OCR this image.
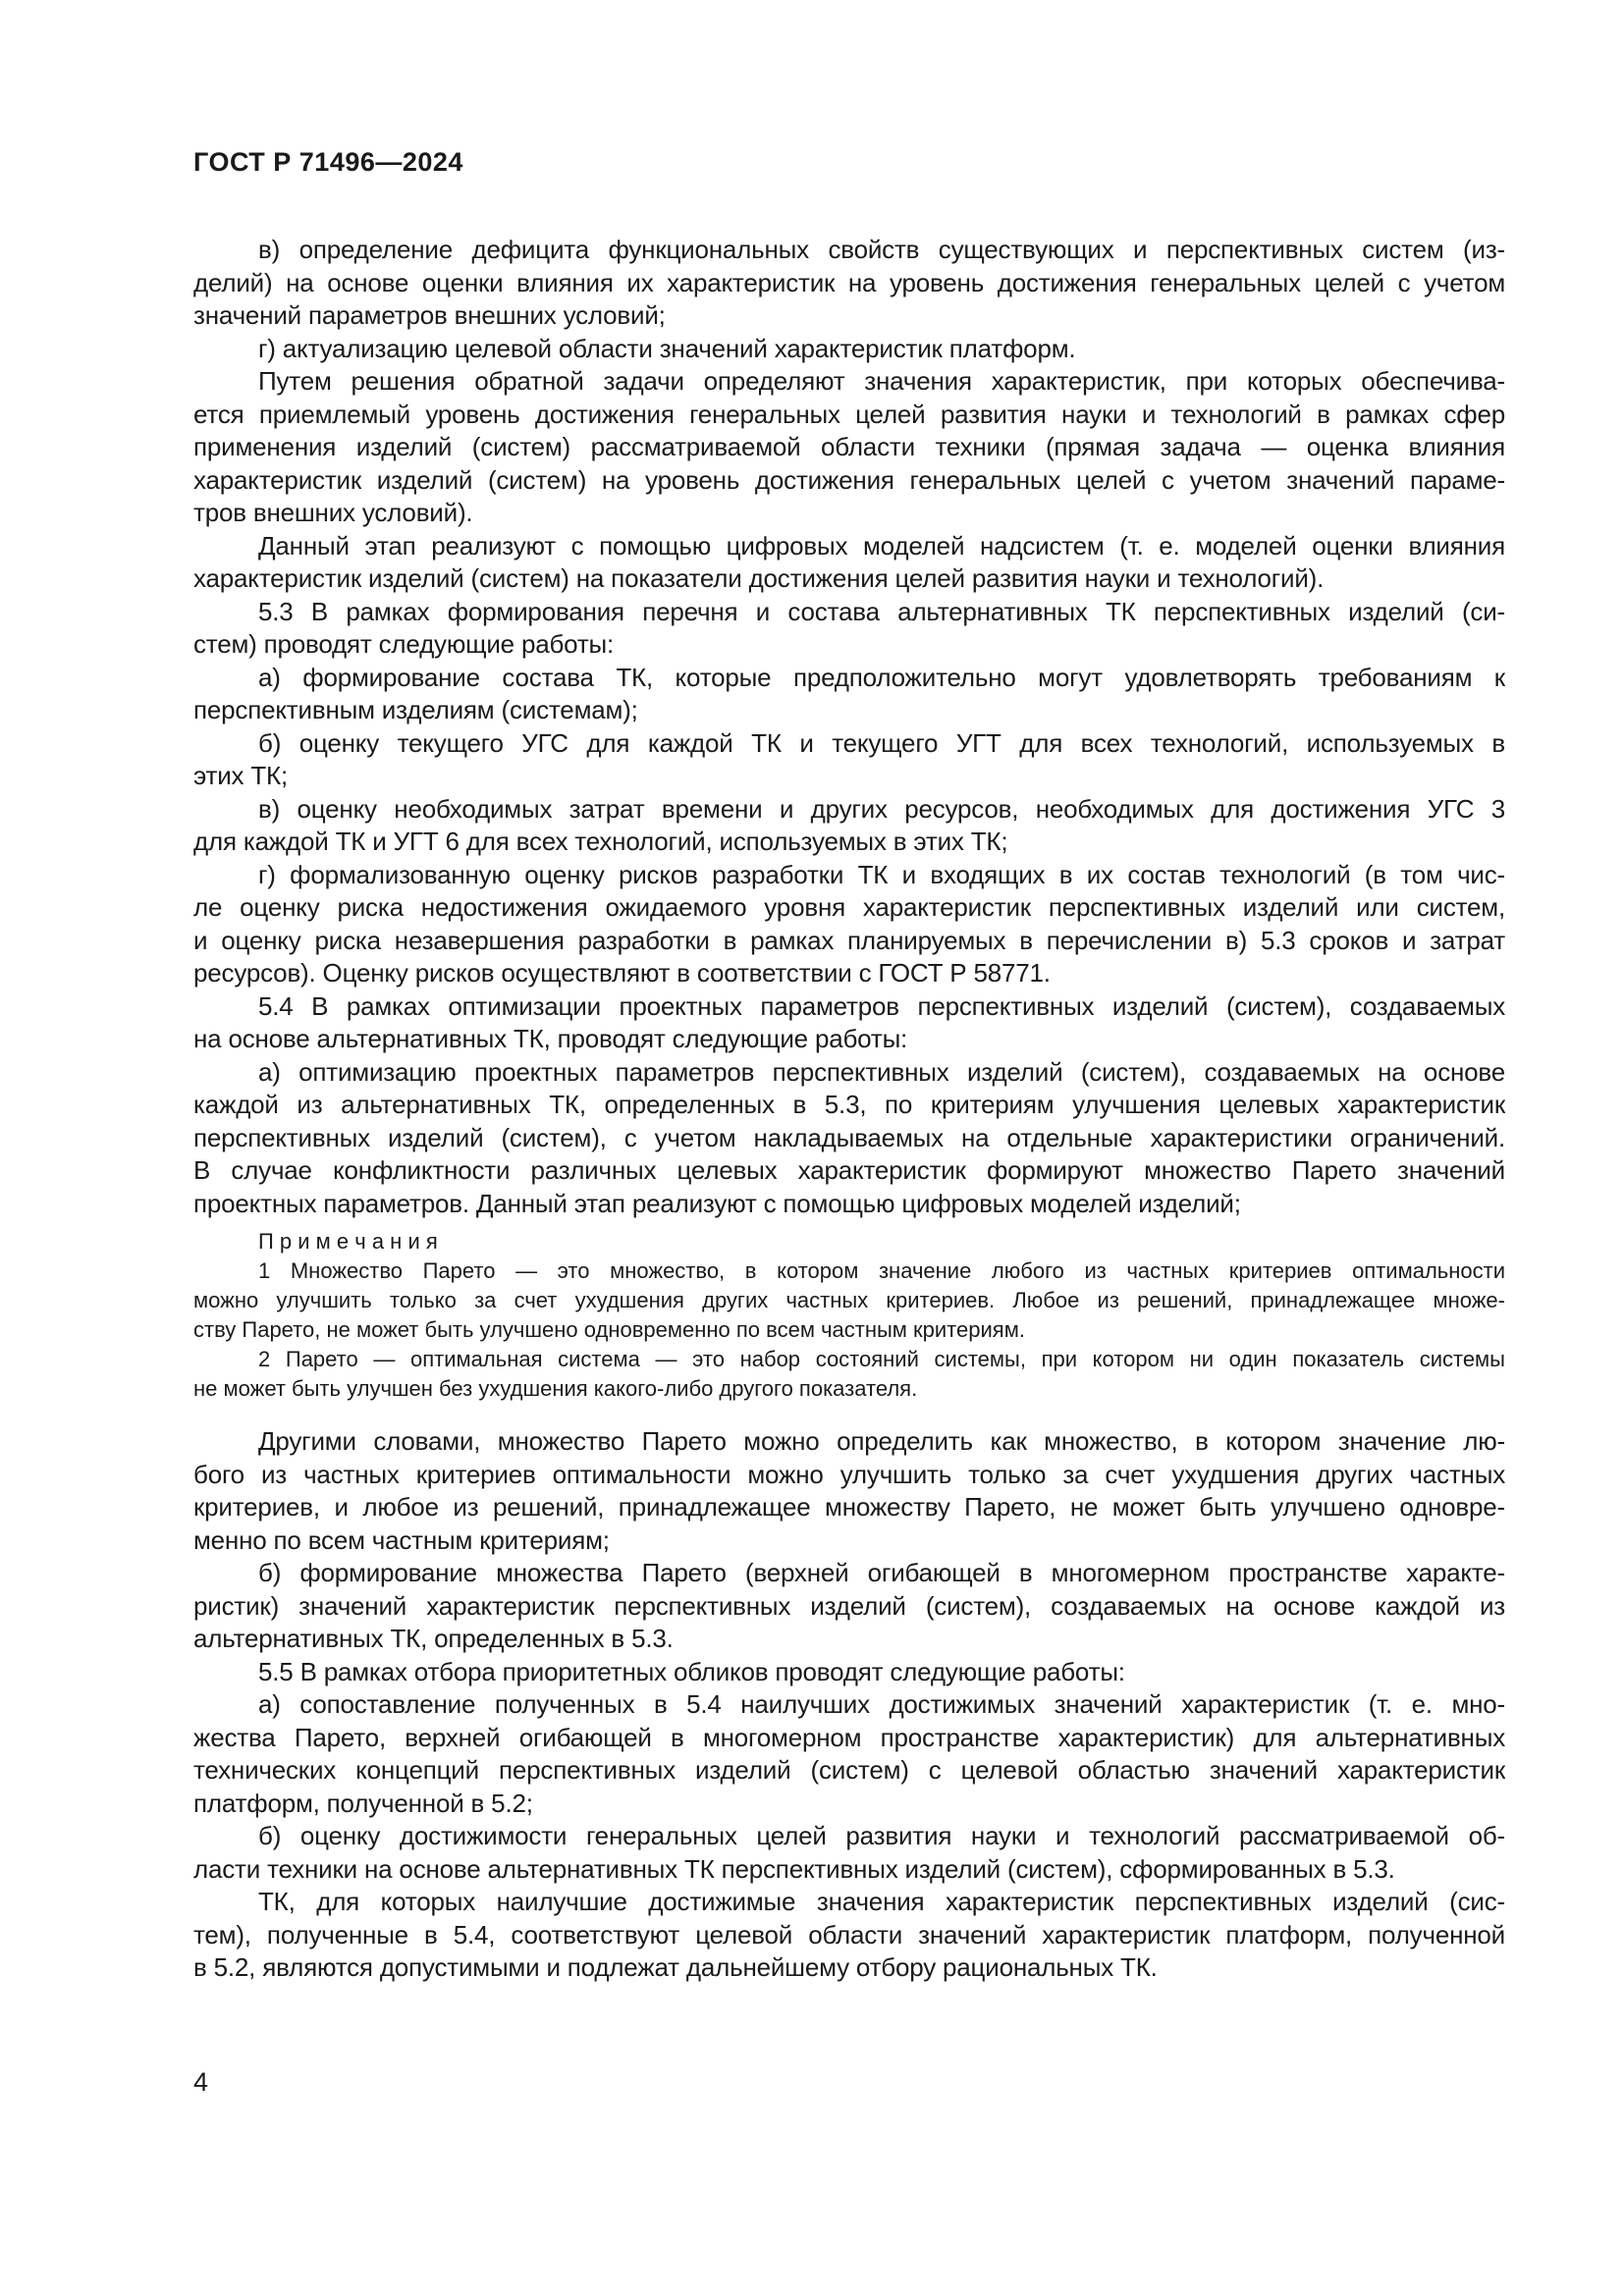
ГОСТ Р 71496—2024
в) определение дефицита функциональных свойств существующих и перспективных систем (из-
делий) на основе оценки влияния их характеристик на уровень достижения генеральных целей с учетом
значений параметров внешних условий;
г) актуализацию целевой области значений характеристик платформ.
Путем решения обратной задачи определяют значения характеристик, при которых обеспечива-
ется приемлемый уровень достижения генеральных целей развития науки и технологий в рамках сфер
применения изделий (систем) рассматриваемой области техники (прямая задача — оценка влияния
характеристик изделий (систем) на уровень достижения генеральных целей с учетом значений параме-
тров внешних условий).
Данный этап реализуют с помощью цифровых моделей надсистем (т. е. моделей оценки влияния
характеристик изделий (систем) на показатели достижения целей развития науки и технологий).
5.3 В рамках формирования перечня и состава альтернативных ТК перспективных изделий (си-
стем) проводят следующие работы:
а) формирование состава ТК, которые предположительно могут удовлетворять требованиям к
перспективным изделиям (системам);
б) оценку текущего УГС для каждой ТК и текущего УГТ для всех технологий, используемых в
этих ТК;
в) оценку необходимых затрат времени и других ресурсов, необходимых для достижения УГС 3
для каждой ТК и УГТ 6 для всех технологий, используемых в этих ТК;
г) формализованную оценку рисков разработки ТК и входящих в их состав технологий (в том чис-
ле оценку риска недостижения ожидаемого уровня характеристик перспективных изделий или систем,
и оценку риска незавершения разработки в рамках планируемых в перечислении в) 5.3 сроков и затрат
ресурсов). Оценку рисков осуществляют в соответствии с ГОСТ Р 58771.
5.4 В рамках оптимизации проектных параметров перспективных изделий (систем), создаваемых
на основе альтернативных ТК, проводят следующие работы:
а) оптимизацию проектных параметров перспективных изделий (систем), создаваемых на основе
каждой из альтернативных ТК, определенных в 5.3, по критериям улучшения целевых характеристик
перспективных изделий (систем), с учетом накладываемых на отдельные характеристики ограничений.
В случае конфликтности различных целевых характеристик формируют множество Парето значений
проектных параметров. Данный этап реализуют с помощью цифровых моделей изделий;
П р и м е ч а н и я
1 Множество Парето — это множество, в котором значение любого из частных критериев оптимальности
можно улучшить только за счет ухудшения других частных критериев. Любое из решений, принадлежащее множе-
ству Парето, не может быть улучшено одновременно по всем частным критериям.
2 Парето — оптимальная система — это набор состояний системы, при котором ни один показатель системы
не может быть улучшен без ухудшения какого-либо другого показателя.
Другими словами, множество Парето можно определить как множество, в котором значение лю-
бого из частных критериев оптимальности можно улучшить только за счет ухудшения других частных
критериев, и любое из решений, принадлежащее множеству Парето, не может быть улучшено одновре-
менно по всем частным критериям;
б) формирование множества Парето (верхней огибающей в многомерном пространстве характе-
ристик) значений характеристик перспективных изделий (систем), создаваемых на основе каждой из
альтернативных ТК, определенных в 5.3.
5.5 В рамках отбора приоритетных обликов проводят следующие работы:
а) сопоставление полученных в 5.4 наилучших достижимых значений характеристик (т. е. мно-
жества Парето, верхней огибающей в многомерном пространстве характеристик) для альтернативных
технических концепций перспективных изделий (систем) с целевой областью значений характеристик
платформ, полученной в 5.2;
б) оценку достижимости генеральных целей развития науки и технологий рассматриваемой об-
ласти техники на основе альтернативных ТК перспективных изделий (систем), сформированных в 5.3.
ТК, для которых наилучшие достижимые значения характеристик перспективных изделий (сис-
тем), полученные в 5.4, соответствуют целевой области значений характеристик платформ, полученной
в 5.2, являются допустимыми и подлежат дальнейшему отбору рациональных ТК.
4
